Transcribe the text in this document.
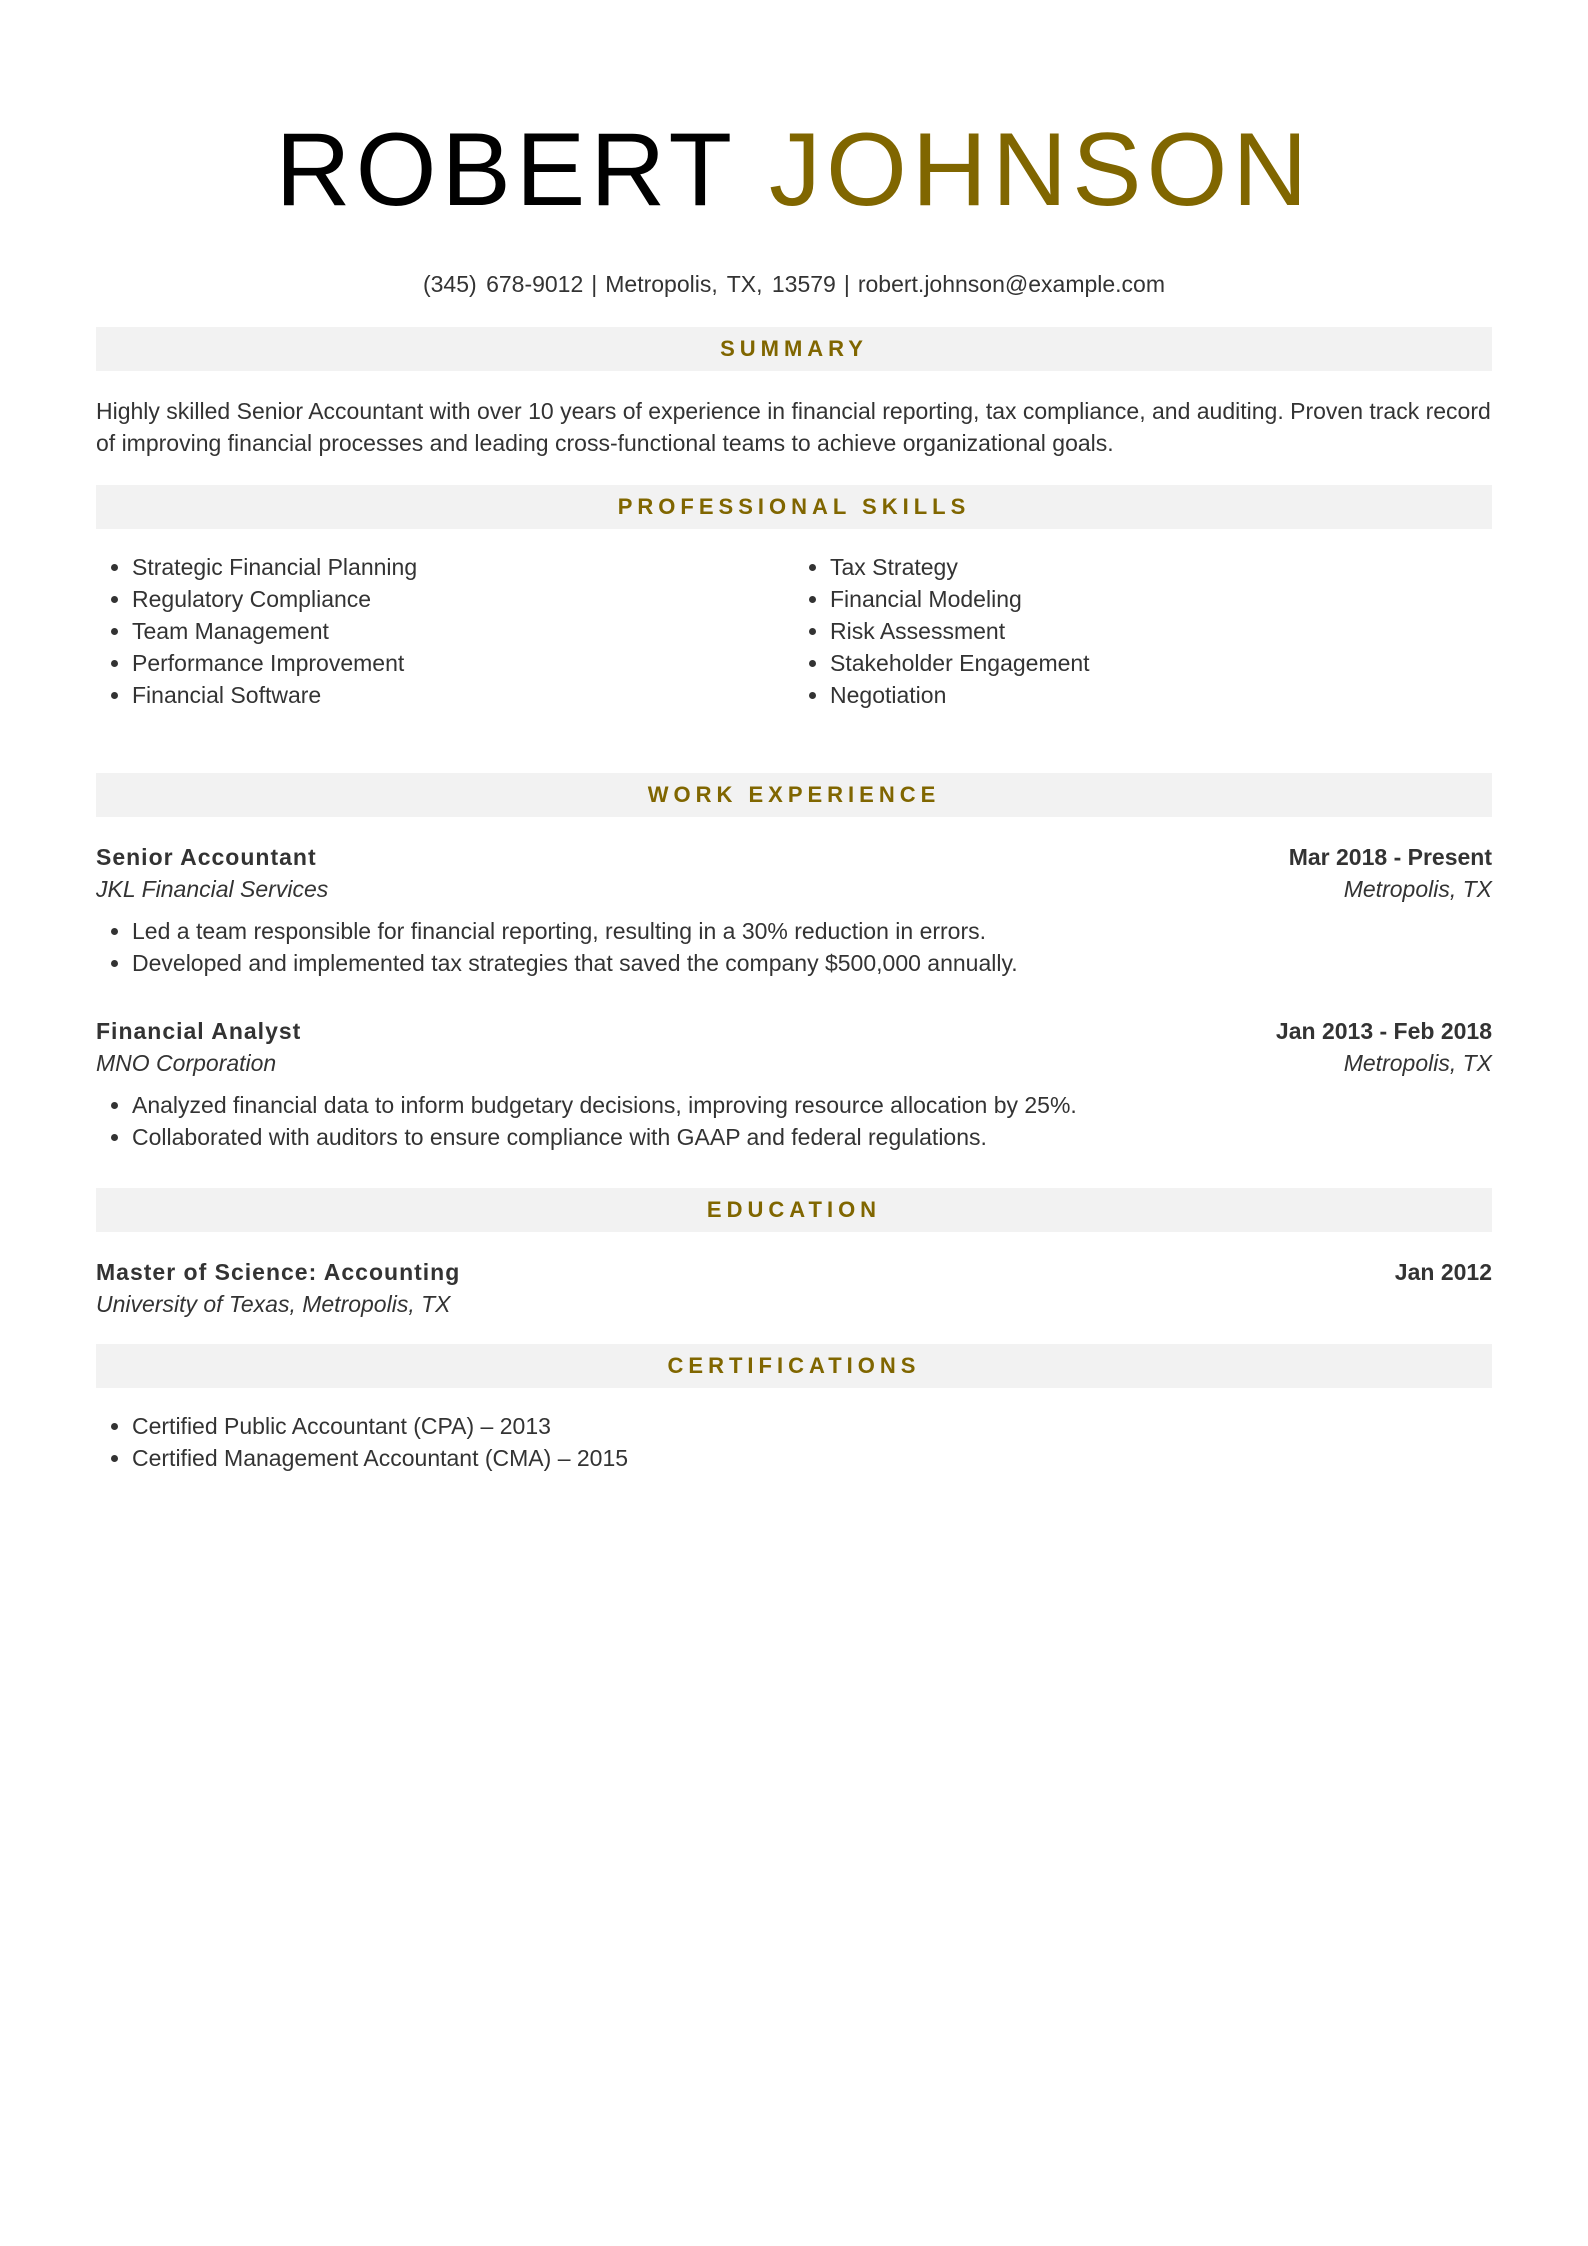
ROBERT JOHNSON
(345) 678-9012 | Metropolis, TX, 13579 | robert.johnson@example.com
SUMMARY

Highly skilled Senior Accountant with over 10 years of experience in financial reporting, tax compliance, and auditing. Proven track record of improving financial processes and leading cross-functional teams to achieve organizational goals.

PROFESSIONAL SKILLS
• Strategic Financial Planning
• Regulatory Compliance
• Team Management
• Performance Improvement
• Financial Software
• Tax Strategy
• Financial Modeling
• Risk Assessment
• Stakeholder Engagement
• Negotiation
WORK EXPERIENCE
Senior Accountant	Mar 2018 - Present
JKL Financial Services	Metropolis, TX
• Led a team responsible for financial reporting, resulting in a 30% reduction in errors.
• Developed and implemented tax strategies that saved the company $500,000 annually.
Financial Analyst	Jan 2013 - Feb 2018
MNO Corporation	Metropolis, TX
• Analyzed financial data to inform budgetary decisions, improving resource allocation by 25%.
• Collaborated with auditors to ensure compliance with GAAP and federal regulations.
EDUCATION
Master of Science: Accounting	Jan 2012
University of Texas, Metropolis, TX
CERTIFICATIONS
• Certified Public Accountant (CPA) – 2013
• Certified Management Accountant (CMA) – 2015
